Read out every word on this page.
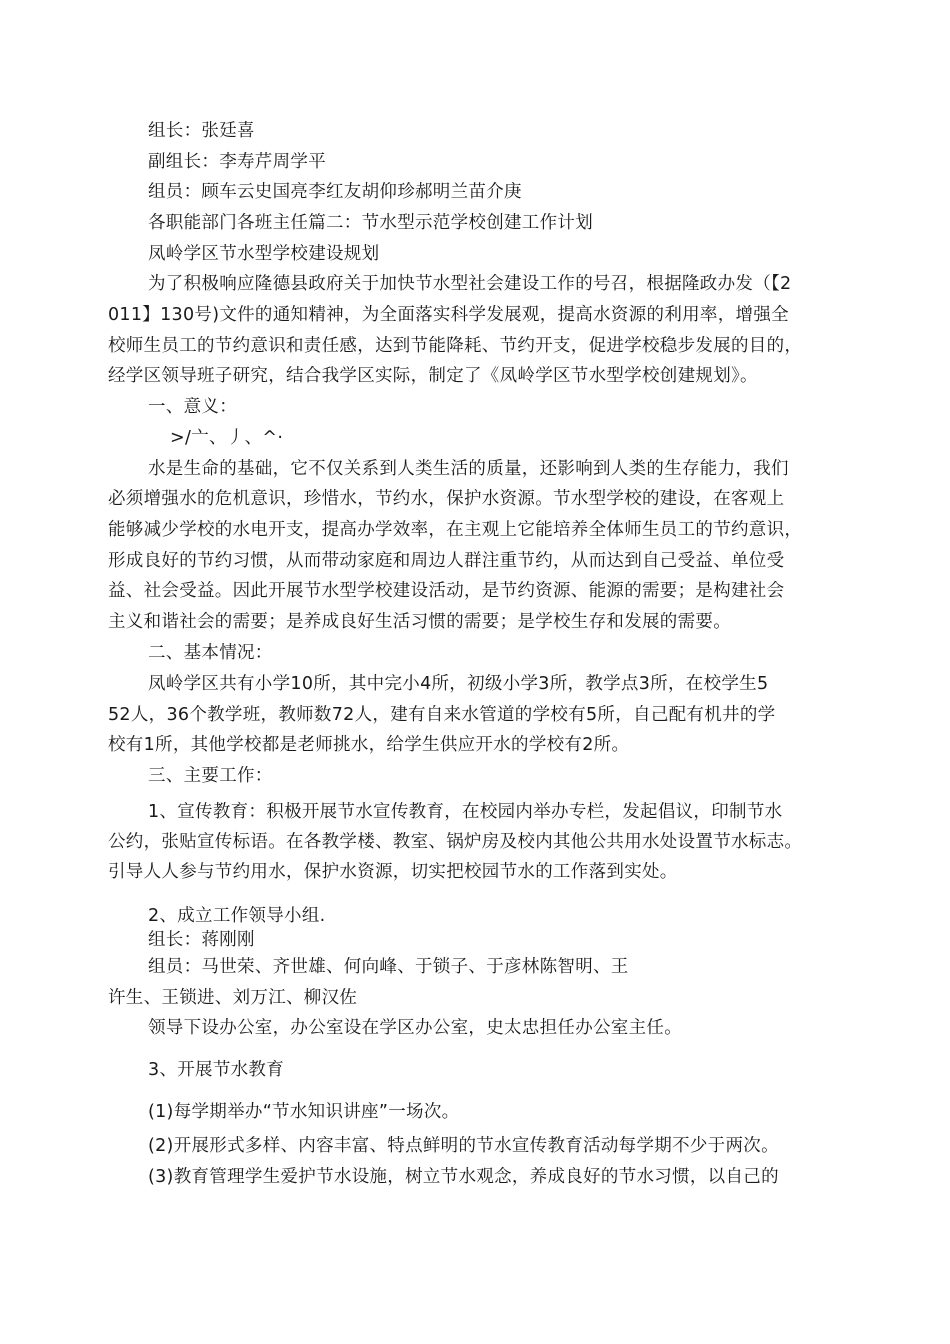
组长：张廷喜
副组长：李寿芹周学平
组员：顾车云史国亮李红友胡仰珍郝明兰苗介庚
各职能部门各班主任篇二：节水型示范学校创建工作计划
凤岭学区节水型学校建设规划
为了积极响应隆德县政府关于加快节水型社会建设工作的号召，根据隆政办发（【2
011】130号)文件的通知精神，为全面落实科学发展观，提高水资源的利用率，增强全
校师生员工的节约意识和责任感，达到节能降耗、节约开支，促进学校稳步发展的目的，
经学区领导班子研究，结合我学区实际，制定了《凤岭学区节水型学校创建规划》。
一、意义：
>/亠、丿、^·
水是生命的基础，它不仅关系到人类生活的质量，还影响到人类的生存能力，我们
必须增强水的危机意识，珍惜水，节约水，保护水资源。节水型学校的建设，在客观上
能够减少学校的水电开支，提高办学效率，在主观上它能培养全体师生员工的节约意识，
形成良好的节约习惯，从而带动家庭和周边人群注重节约，从而达到自己受益、单位受
益、社会受益。因此开展节水型学校建设活动，是节约资源、能源的需要；是构建社会
主义和谐社会的需要；是养成良好生活习惯的需要；是学校生存和发展的需要。
二、基本情况：
凤岭学区共有小学10所，其中完小4所，初级小学3所，教学点3所，在校学生5
52人，36个教学班，教师数72人，建有自来水管道的学校有5所，自己配有机井的学
校有1所，其他学校都是老师挑水，给学生供应开水的学校有2所。
三、主要工作：
1、宣传教育：积极开展节水宣传教育，在校园内举办专栏，发起倡议，印制节水
公约，张贴宣传标语。在各教学楼、教室、锅炉房及校内其他公共用水处设置节水标志。
引导人人参与节约用水，保护水资源，切实把校园节水的工作落到实处。
2、成立工作领导小组.
组长：蒋刚刚
组员：马世荣、齐世雄、何向峰、于锁子、于彦林陈智明、王
许生、王锁进、刘万江、柳汉佐
领导下设办公室，办公室设在学区办公室，史太忠担任办公室主任。
3、开展节水教育
(1)每学期举办“节水知识讲座”一场次。
(2)开展形式多样、内容丰富、特点鲜明的节水宣传教育活动每学期不少于两次。
(3)教育管理学生爱护节水设施，树立节水观念，养成良好的节水习惯，以自己的
